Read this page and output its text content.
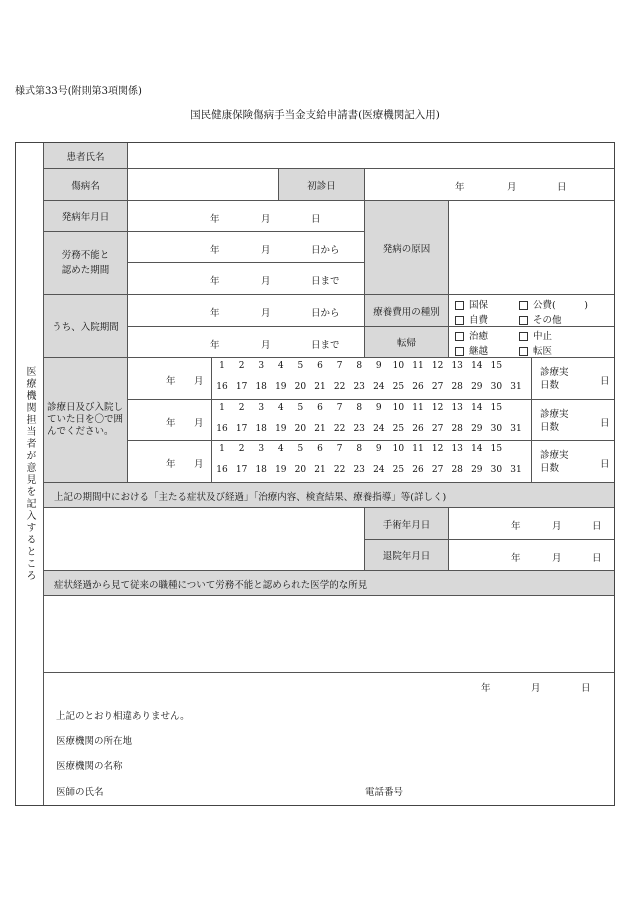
様式第33号(附則第3項関係)
国民健康保険傷病手当金支給申請書(医療機関記入用)
医療機関担当者が意見を記入するところ
患者氏名
傷病名	初診日	年	月	日
発病年月日	年	月	日
発病の原因
労務不能と認めた期間
年	月	日から
年	月	日まで
うち、入院期間
年	月	日から
年	月	日まで
療養費用の種別
国保	公費(　　　)
自費	その他
転帰
治癒	中止
継越	転医
診療日及び入院していた日を〇で囲んでください。
年 月
1	2	3	4	5	6	7	8	9	10 11 12 13 14 15
16 17 18 19 20 21 22 23 24 25 26 27 28 29 30 31
診療実日数	日
年 月
1	2	3	4	5	6	7	8	9	10 11 12 13 14 15
16 17 18 19 20 21 22 23 24 25 26 27 28 29 30 31
診療実日数	日
年 月
1	2	3	4	5	6	7	8	9	10 11 12 13 14 15
16 17 18 19 20 21 22 23 24 25 26 27 28 29 30 31
診療実日数	日
上記の期間中における「主たる症状及び経過」「治療内容、検査結果、療養指導」等(詳しく)
手術年月日	年	月	日
退院年月日	年	月	日
症状経過から見て従来の職種について労務不能と認められた医学的な所見
年	月	日
上記のとおり相違ありません。
医療機関の所在地
医療機関の名称
医師の氏名	電話番号
